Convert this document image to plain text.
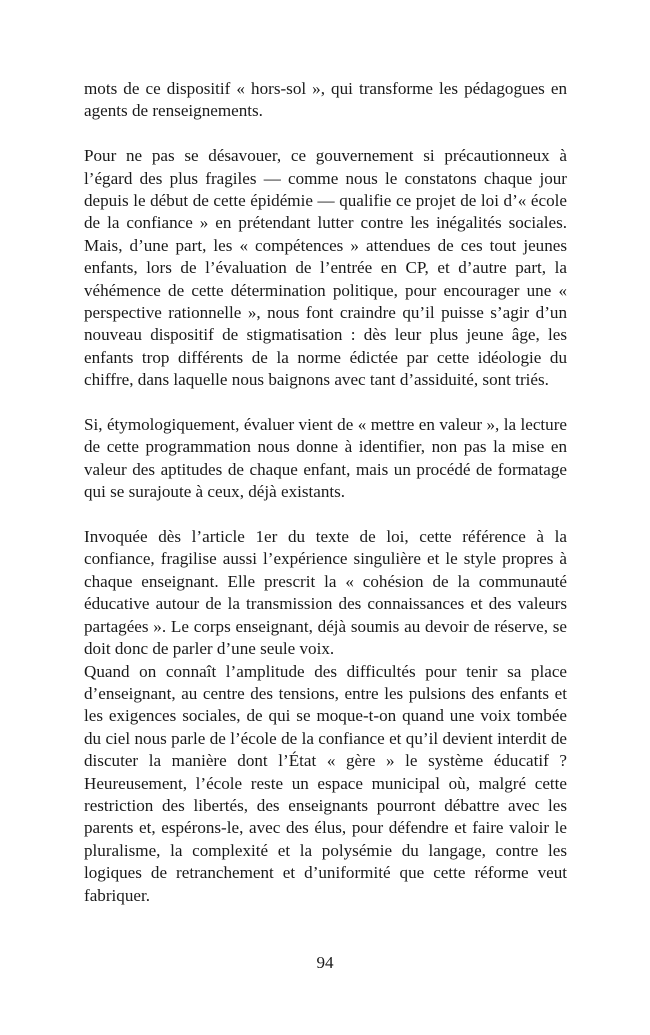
mots de ce dispositif « hors-sol », qui transforme les pédagogues en agents de renseignements.

Pour ne pas se désavouer, ce gouvernement si précautionneux à l’égard des plus fragiles — comme nous le constatons chaque jour depuis le début de cette épidémie — qualifie ce projet de loi d’« école de la confiance » en prétendant lutter contre les inégalités sociales. Mais, d’une part, les « compétences » attendues de ces tout jeunes enfants, lors de l’évaluation de l’entrée en CP, et d’autre part, la véhémence de cette détermination politique, pour encourager une « perspective rationnelle », nous font craindre qu’il puisse s’agir d’un nouveau dispositif de stigmatisation : dès leur plus jeune âge, les enfants trop différents de la norme édictée par cette idéologie du chiffre, dans laquelle nous baignons avec tant d’assiduité, sont triés.

Si, étymologiquement, évaluer vient de « mettre en valeur », la lecture de cette programmation nous donne à identifier, non pas la mise en valeur des aptitudes de chaque enfant, mais un procédé de formatage qui se surajoute à ceux, déjà existants.

Invoquée dès l’article 1er du texte de loi, cette référence à la confiance, fragilise aussi l’expérience singulière et le style propres à chaque enseignant. Elle prescrit la « cohésion de la communauté éducative autour de la transmission des connaissances et des valeurs partagées ». Le corps enseignant, déjà soumis au devoir de réserve, se doit donc de parler d’une seule voix.

Quand on connaît l’amplitude des difficultés pour tenir sa place d’enseignant, au centre des tensions, entre les pulsions des enfants et les exigences sociales, de qui se moque-t-on quand une voix tombée du ciel nous parle de l’école de la confiance et qu’il devient interdit de discuter la manière dont l’État « gère » le système éducatif ? Heureusement, l’école reste un espace municipal où, malgré cette restriction des libertés, des enseignants pourront débattre avec les parents et, espérons-le, avec des élus, pour défendre et faire valoir le pluralisme, la complexité et la polysémie du langage, contre les logiques de retranchement et d’uniformité que cette réforme veut fabriquer.

94
